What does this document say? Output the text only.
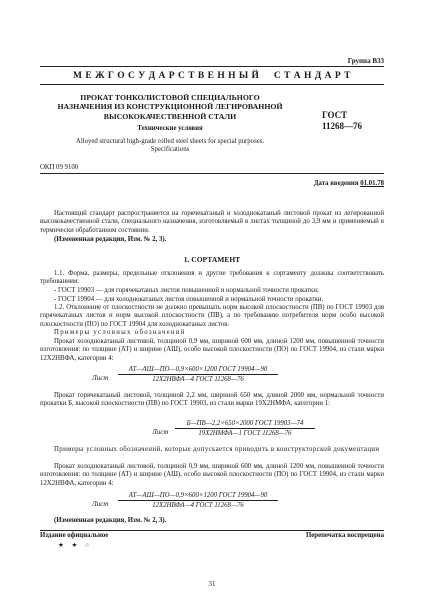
Группа В33
М Е Ж Г О С У Д А Р С Т В Е Н Н Ы Й     С Т А Н Д А Р Т
ПРОКАТ ТОНКОЛИСТОВОЙ СПЕЦИАЛЬНОГО
НАЗНАЧЕНИЯ ИЗ КОНСТРУКЦИОННОЙ ЛЕГИРОВАННОЙ
ВЫСОКОКАЧЕСТВЕННОЙ СТАЛИ
Технические условия
Alloyed structural high-grade rolled steel sheets for special purposes.
Specifications
ГОСТ
11268—76
ОКП 09 9100
Дата введения 01.01.78
Настоящий стандарт распространяется на горячекатаный и холоднокатаный листовой прокат из легированной высококачественной стали, специального назначения, изготовляемый в листах толщиной до 3,9 мм и применяемый в термически обработанном состоянии.
(Измененная редакция, Изм. № 2, 3).
1. СОРТАМЕНТ
1.1. Форма, размеры, предельные отклонения и другие требования к сортаменту должны соответствовать требованиям:
- ГОСТ 19903 — для горячекатаных листов повышенной и нормальной точности прокатки;
- ГОСТ 19904 — для холоднокатаных листов повышенной и нормальной точности прокатки.
1.2. Отклонение от плоскостности не должно превышать норм высокой плоскостности (ПВ) по ГОСТ 19903 для горячекатаных листов и норм высокой плоскостности (ПВ), а по требованию потребителя норм особо высокой плоскостности (ПО) по ГОСТ 19904 для холоднокатаных листов.
Примеры условных обозначений
Прокат холоднокатаный листовой, толщиной 0,9 мм, шириной 600 мм, длиной 1200 мм, повышенной точности изготовления: по толщине (АТ) и ширине (АШ), особо высокой плоскостности (ПО) по ГОСТ 19904, из стали марки 12Х2НВФА, категории 4:
Лист
АТ—АШ—ПО—0,9×600×1200 ГОСТ 19904—90
12Х2НВФА—4 ГОСТ 11268—76
Прокат горячекатаный листовой, толщиной 2,2 мм, шириной 650 мм, длиной 2000 мм, нормальной точности прокатки Б, высокой плоскостности (ПВ) по ГОСТ 19903, из стали марки 19Х2НМФА, категории 1:
Лист
Б—ПВ—2,2×650×2000 ГОСТ 19903—74
19Х2НМФА—1 ГОСТ 11268—76
Примеры условных обозначений, которые допускается приводить в конструкторской документации
Прокат холоднокатаный листовой, толщиной 0,9 мм, шириной 600 мм, длиной 1200 мм, повышенной точности изготовления: по толщине (АТ) и ширине (АШ), особо высокой плоскостности (ПО) по ГОСТ 19904, из стали марки 12Х2НВФА, категории 4:
Лист
АТ—АШ—ПО—0,9×600×1200 ГОСТ 19904—90
12Х2НВФА—4 ГОСТ 11268—76
(Измененная редакция, Изм. № 2, 3).
Издание официальное	Перепечатка воспрещена
★ ★ ○
31
